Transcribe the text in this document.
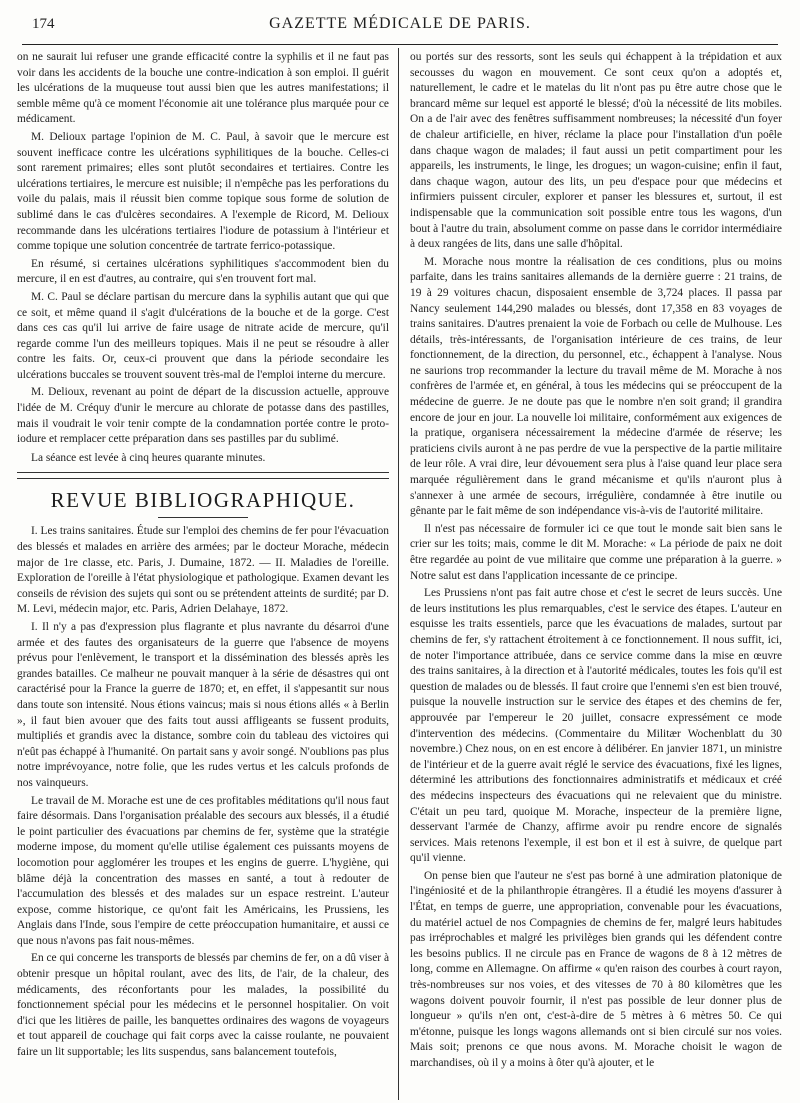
174	GAZETTE MÉDICALE DE PARIS.

on ne saurait lui refuser une grande efficacité contre la syphilis et il ne faut pas voir dans les accidents de la bouche une contre-indication à son emploi. Il guérit les ulcérations de la muqueuse tout aussi bien que les autres manifestations; il semble même qu'à ce moment l'économie ait une tolérance plus marquée pour ce médicament.

M. Delioux partage l'opinion de M. C. Paul, à savoir que le mercure est souvent inefficace contre les ulcérations syphilitiques de la bouche. Celles-ci sont rarement primaires; elles sont plutôt secondaires et tertiaires. Contre les ulcérations tertiaires, le mercure est nuisible; il n'empêche pas les perforations du voile du palais, mais il réussit bien comme topique sous forme de solution de sublimé dans le cas d'ulcères secondaires. A l'exemple de Ricord, M. Delioux recommande dans les ulcérations tertiaires l'iodure de potassium à l'intérieur et comme topique une solution concentrée de tartrate ferrico-potassique.

En résumé, si certaines ulcérations syphilitiques s'accommodent bien du mercure, il en est d'autres, au contraire, qui s'en trouvent fort mal.

M. C. Paul se déclare partisan du mercure dans la syphilis autant que qui que ce soit, et même quand il s'agit d'ulcérations de la bouche et de la gorge. C'est dans ces cas qu'il lui arrive de faire usage de nitrate acide de mercure, qu'il regarde comme l'un des meilleurs topiques. Mais il ne peut se résoudre à aller contre les faits. Or, ceux-ci prouvent que dans la période secondaire les ulcérations buccales se trouvent souvent très-mal de l'emploi interne du mercure.

M. Delioux, revenant au point de départ de la discussion actuelle, approuve l'idée de M. Créquy d'unir le mercure au chlorate de potasse dans des pastilles, mais il voudrait le voir tenir compte de la condamnation portée contre le proto-iodure et remplacer cette préparation dans ses pastilles par du sublimé.

La séance est levée à cinq heures quarante minutes.

REVUE BIBLIOGRAPHIQUE.

I. Les trains sanitaires. Étude sur l'emploi des chemins de fer pour l'évacuation des blessés et malades en arrière des armées; par le docteur Morache, médecin major de 1re classe, etc. Paris, J. Dumaine, 1872. — II. Maladies de l'oreille. Exploration de l'oreille à l'état physiologique et pathologique. Examen devant les conseils de révision des sujets qui sont ou se prétendent atteints de surdité; par D. M. Levi, médecin major, etc. Paris, Adrien Delahaye, 1872.

I. Il n'y a pas d'expression plus flagrante et plus navrante du désarroi d'une armée et des fautes des organisateurs de la guerre que l'absence de moyens prévus pour l'enlèvement, le transport et la dissémination des blessés après les grandes batailles. Ce malheur ne pouvait manquer à la série de désastres qui ont caractérisé pour la France la guerre de 1870; et, en effet, il s'appesantit sur nous dans toute son intensité. Nous étions vaincus; mais si nous étions allés « à Berlin », il faut bien avouer que des faits tout aussi affligeants se fussent produits, multipliés et grandis avec la distance, sombre coin du tableau des victoires qui n'eût pas échappé à l'humanité. On partait sans y avoir songé. N'oublions pas plus notre imprévoyance, notre folie, que les rudes vertus et les calculs profonds de nos vainqueurs.

Le travail de M. Morache est une de ces profitables méditations qu'il nous faut faire désormais. Dans l'organisation préalable des secours aux blessés, il a étudié le point particulier des évacuations par chemins de fer, système que la stratégie moderne impose, du moment qu'elle utilise également ces puissants moyens de locomotion pour agglomérer les troupes et les engins de guerre. L'hygiène, qui blâme déjà la concentration des masses en santé, a tout à redouter de l'accumulation des blessés et des malades sur un espace restreint. L'auteur expose, comme historique, ce qu'ont fait les Américains, les Prussiens, les Anglais dans l'Inde, sous l'empire de cette préoccupation humanitaire, et aussi ce que nous n'avons pas fait nous-mêmes.

En ce qui concerne les transports de blessés par chemins de fer, on a dû viser à obtenir presque un hôpital roulant, avec des lits, de l'air, de la chaleur, des médicaments, des réconfortants pour les malades, la possibilité du fonctionnement spécial pour les médecins et le personnel hospitalier. On voit d'ici que les litières de paille, les banquettes ordinaires des wagons de voyageurs et tout appareil de couchage qui fait corps avec la caisse roulante, ne pouvaient faire un lit supportable; les lits suspendus, sans balancement toutefois,

ou portés sur des ressorts, sont les seuls qui échappent à la trépidation et aux secousses du wagon en mouvement. Ce sont ceux qu'on a adoptés et, naturellement, le cadre et le matelas du lit n'ont pas pu être autre chose que le brancard même sur lequel est apporté le blessé; d'où la nécessité de lits mobiles. On a de l'air avec des fenêtres suffisamment nombreuses; la nécessité d'un foyer de chaleur artificielle, en hiver, réclame la place pour l'installation d'un poêle dans chaque wagon de malades; il faut aussi un petit compartiment pour les appareils, les instruments, le linge, les drogues; un wagon-cuisine; enfin il faut, dans chaque wagon, autour des lits, un peu d'espace pour que médecins et infirmiers puissent circuler, explorer et panser les blessures et, surtout, il est indispensable que la communication soit possible entre tous les wagons, d'un bout à l'autre du train, absolument comme on passe dans le corridor intermédiaire à deux rangées de lits, dans une salle d'hôpital.

M. Morache nous montre la réalisation de ces conditions, plus ou moins parfaite, dans les trains sanitaires allemands de la dernière guerre : 21 trains, de 19 à 29 voitures chacun, disposaient ensemble de 3,724 places. Il passa par Nancy seulement 144,290 malades ou blessés, dont 17,358 en 83 voyages de trains sanitaires. D'autres prenaient la voie de Forbach ou celle de Mulhouse. Les détails, très-intéressants, de l'organisation intérieure de ces trains, de leur fonctionnement, de la direction, du personnel, etc., échappent à l'analyse. Nous ne saurions trop recommander la lecture du travail même de M. Morache à nos confrères de l'armée et, en général, à tous les médecins qui se préoccupent de la médecine de guerre. Je ne doute pas que le nombre n'en soit grand; il grandira encore de jour en jour. La nouvelle loi militaire, conformément aux exigences de la pratique, organisera nécessairement la médecine d'armée de réserve; les praticiens civils auront à ne pas perdre de vue la perspective de la partie militaire de leur rôle. A vrai dire, leur dévouement sera plus à l'aise quand leur place sera marquée régulièrement dans le grand mécanisme et qu'ils n'auront plus à s'annexer à une armée de secours, irrégulière, condamnée à être inutile ou gênante par le fait même de son indépendance vis-à-vis de l'autorité militaire.

Il n'est pas nécessaire de formuler ici ce que tout le monde sait bien sans le crier sur les toits; mais, comme le dit M. Morache: « La période de paix ne doit être regardée au point de vue militaire que comme une préparation à la guerre. » Notre salut est dans l'application incessante de ce principe.

Les Prussiens n'ont pas fait autre chose et c'est le secret de leurs succès. Une de leurs institutions les plus remarquables, c'est le service des étapes. L'auteur en esquisse les traits essentiels, parce que les évacuations de malades, surtout par chemins de fer, s'y rattachent étroitement à ce fonctionnement. Il nous suffit, ici, de noter l'importance attribuée, dans ce service comme dans la mise en œuvre des trains sanitaires, à la direction et à l'autorité médicales, toutes les fois qu'il est question de malades ou de blessés. Il faut croire que l'ennemi s'en est bien trouvé, puisque la nouvelle instruction sur le service des étapes et des chemins de fer, approuvée par l'empereur le 20 juillet, consacre expressément ce mode d'intervention des médecins. (Commentaire du Militær Wochenblatt du 30 novembre.) Chez nous, on en est encore à délibérer. En janvier 1871, un ministre de l'intérieur et de la guerre avait réglé le service des évacuations, fixé les lignes, déterminé les attributions des fonctionnaires administratifs et médicaux et créé des médecins inspecteurs des évacuations qui ne relevaient que du ministre. C'était un peu tard, quoique M. Morache, inspecteur de la première ligne, desservant l'armée de Chanzy, affirme avoir pu rendre encore de signalés services. Mais retenons l'exemple, il est bon et il est à suivre, de quelque part qu'il vienne.

On pense bien que l'auteur ne s'est pas borné à une admiration platonique de l'ingéniosité et de la philanthropie étrangères. Il a étudié les moyens d'assurer à l'État, en temps de guerre, une appropriation, convenable pour les évacuations, du matériel actuel de nos Compagnies de chemins de fer, malgré leurs habitudes pas irréprochables et malgré les privilèges bien grands qui les défendent contre les besoins publics. Il ne circule pas en France de wagons de 8 à 12 mètres de long, comme en Allemagne. On affirme « qu'en raison des courbes à court rayon, très-nombreuses sur nos voies, et des vitesses de 70 à 80 kilomètres que les wagons doivent pouvoir fournir, il n'est pas possible de leur donner plus de longueur » qu'ils n'en ont, c'est-à-dire de 5 mètres à 6 mètres 50. Ce qui m'étonne, puisque les longs wagons allemands ont si bien circulé sur nos voies. Mais soit; prenons ce que nous avons. M. Morache choisit le wagon de marchandises, où il y a moins à ôter qu'à ajouter, et le
